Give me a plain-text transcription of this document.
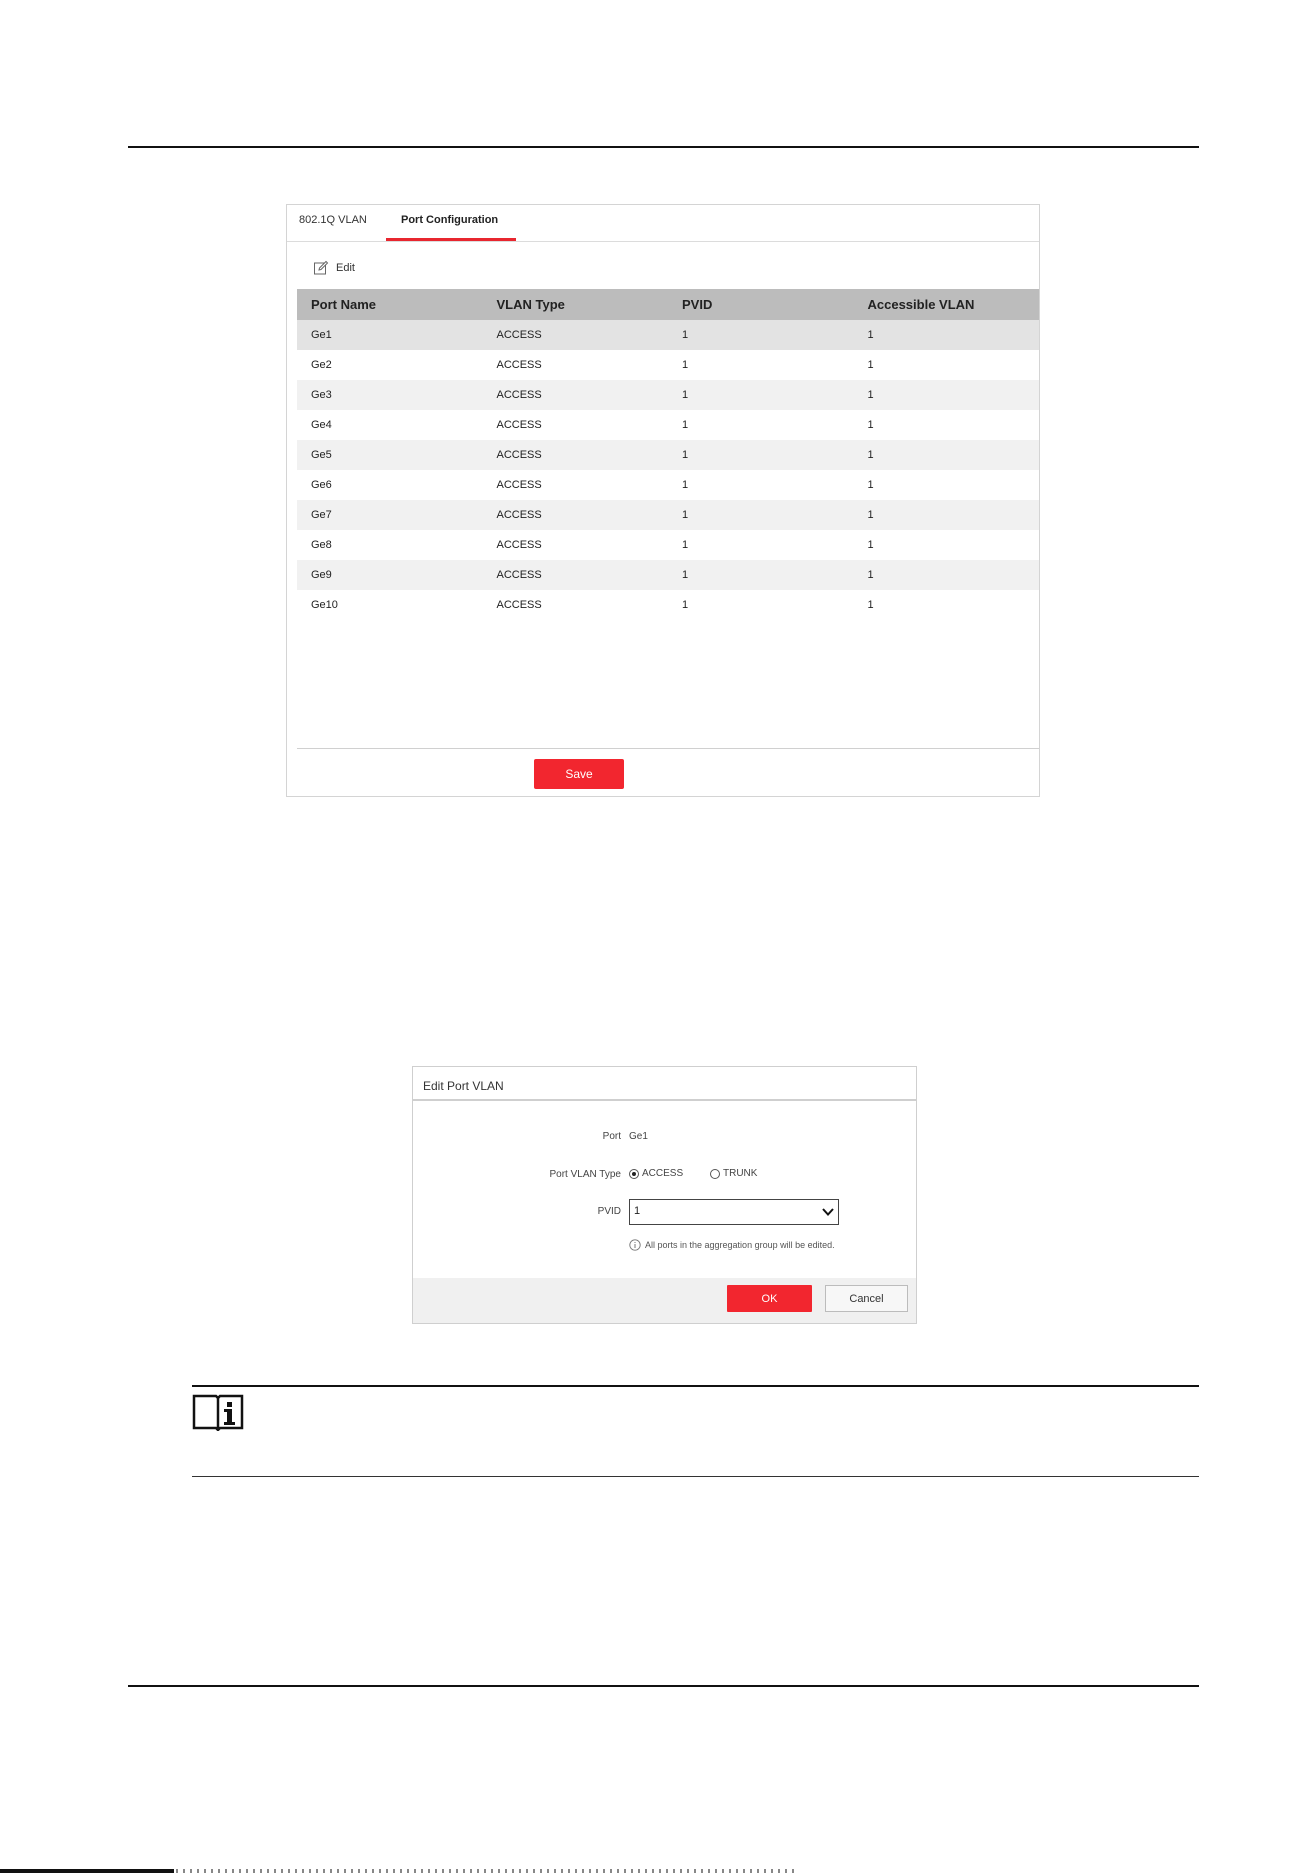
802.1Q VLAN	Port Configuration
Edit
Port Name	VLAN Type	PVID	Accessible VLAN
Ge1	ACCESS	1	1
Ge2	ACCESS	1	1
Ge3	ACCESS	1	1
Ge4	ACCESS	1	1
Ge5	ACCESS	1	1
Ge6	ACCESS	1	1
Ge7	ACCESS	1	1
Ge8	ACCESS	1	1
Ge9	ACCESS	1	1
Ge10	ACCESS	1	1
Save
Edit Port VLAN
Port Ge1
Port VLAN Type ACCESS	TRUNK
PVID 1
All ports in the aggregation group will be edited.
OK	Cancel
